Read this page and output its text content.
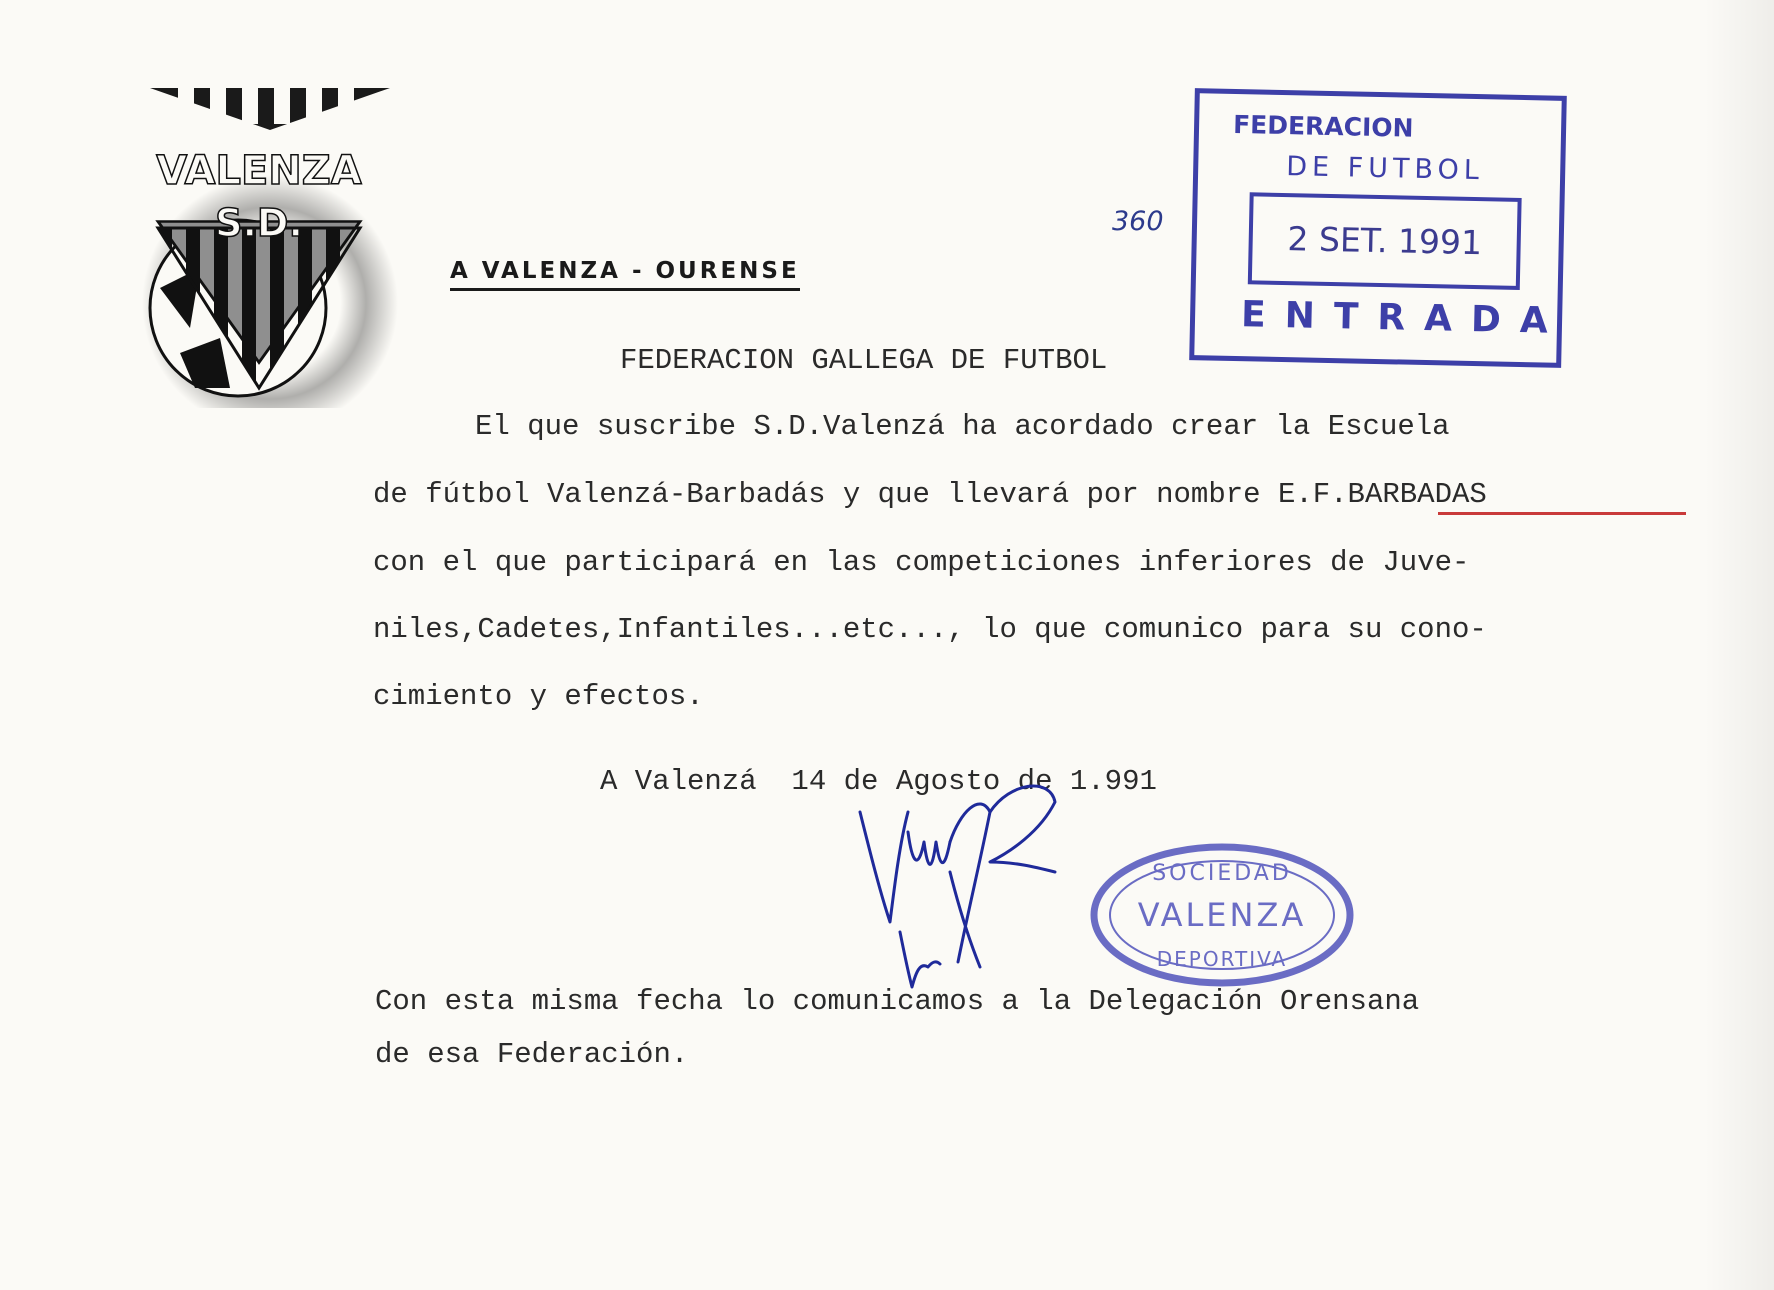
VALENZA
S.D.
A VALENZA - OURENSE
360
FEDERACION
DE FUTBOL
2 SET. 1991
ENTRADA
FEDERACION GALLEGA DE FUTBOL
El que suscribe S.D.Valenzá ha acordado crear la Escuela
de fútbol Valenzá-Barbadás y que llevará por nombre E.F.BARBADAS
con el que participará en las competiciones inferiores de Juve-
niles,Cadetes,Infantiles...etc..., lo que comunico para su cono-
cimiento y efectos.
A Valenzá  14 de Agosto de 1.991
SOCIEDAD
VALENZA
DEPORTIVA
Con esta misma fecha lo comunicamos a la Delegación Orensana
de esa Federación.
